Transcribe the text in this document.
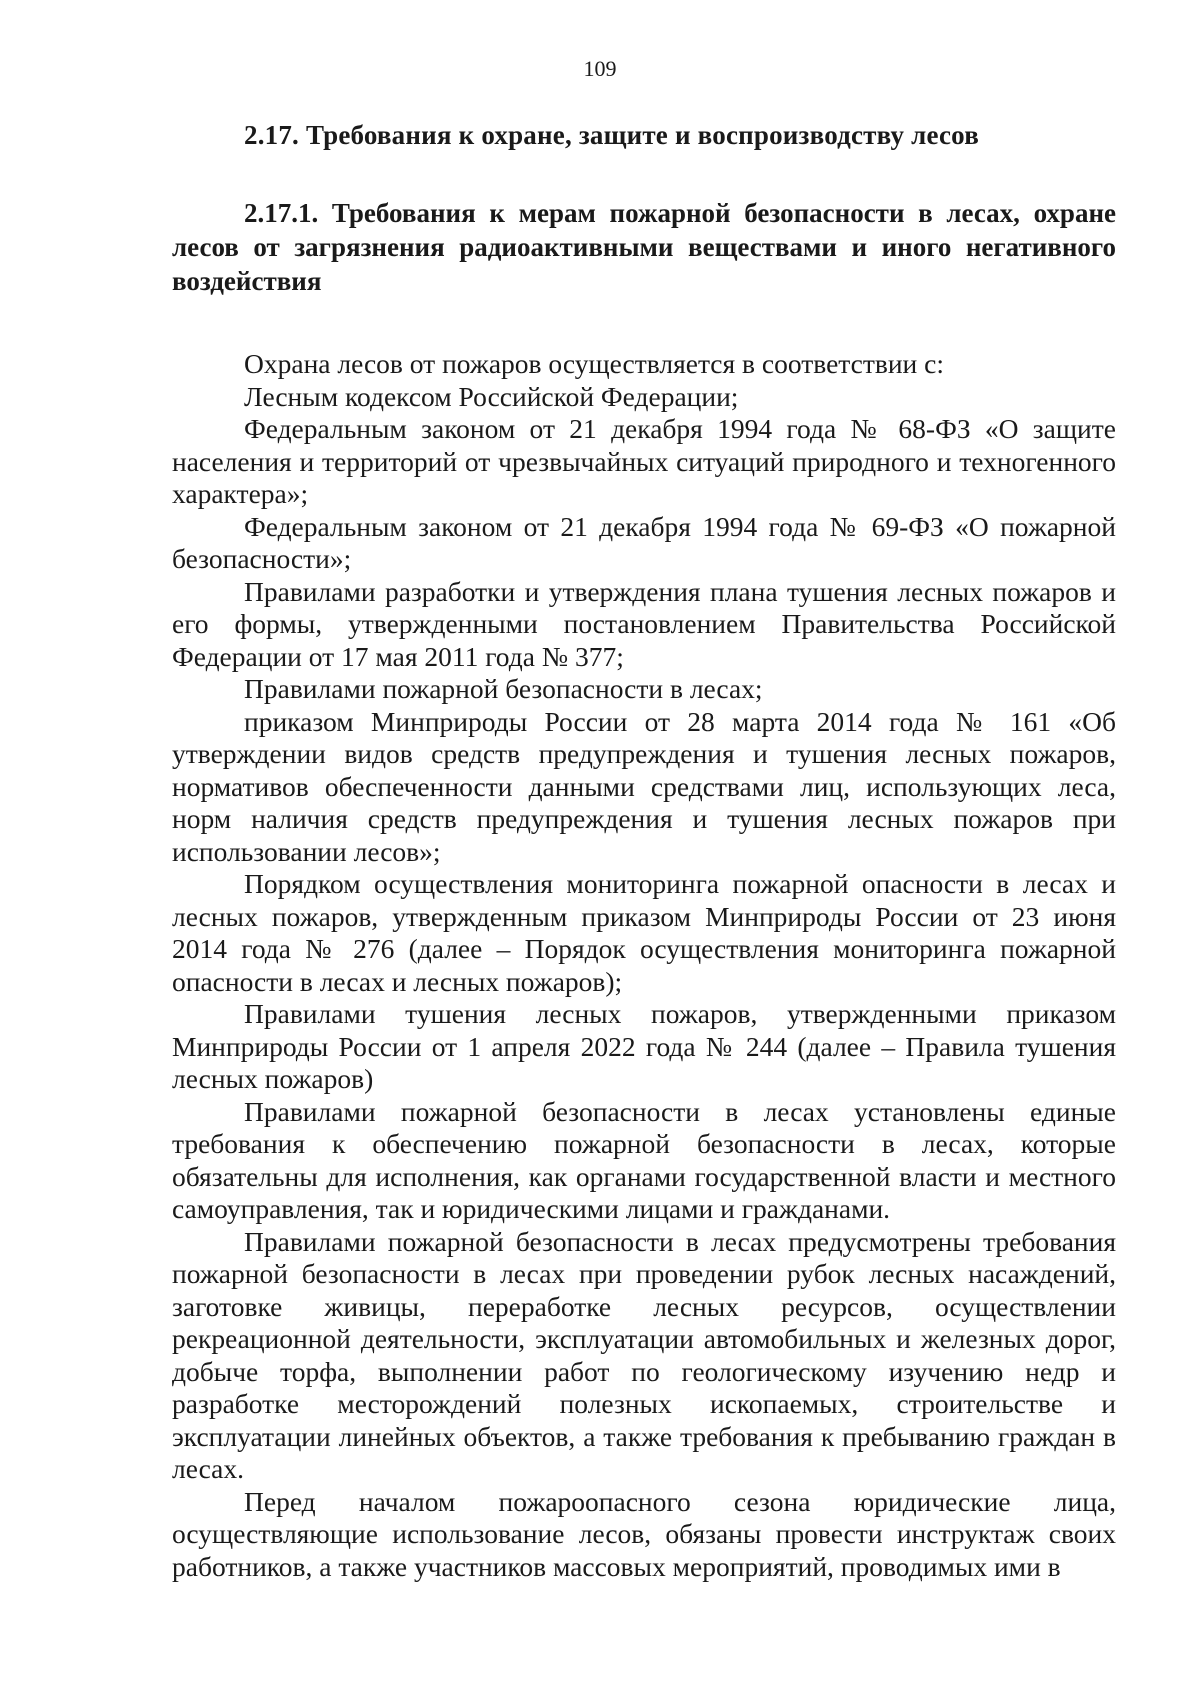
109
2.17. Требования к охране, защите и воспроизводству лесов
2.17.1. Требования к мерам пожарной безопасности в лесах, охране лесов от загрязнения радиоактивными веществами и иного негативного воздействия

Охрана лесов от пожаров осуществляется в соответствии с:

Лесным кодексом Российской Федерации;

Федеральным законом от 21 декабря 1994 года № 68-ФЗ «О защите населения и территорий от чрезвычайных ситуаций природного и техногенного характера»;

Федеральным законом от 21 декабря 1994 года № 69-ФЗ «О пожарной безопасности»;

Правилами разработки и утверждения плана тушения лесных пожаров и его формы, утвержденными постановлением Правительства Российской Федерации от 17 мая 2011 года № 377;

Правилами пожарной безопасности в лесах;

приказом Минприроды России от 28 марта 2014 года № 161 «Об утверждении видов средств предупреждения и тушения лесных пожаров, нормативов обеспеченности данными средствами лиц, использующих леса, норм наличия средств предупреждения и тушения лесных пожаров при использовании лесов»;

Порядком осуществления мониторинга пожарной опасности в лесах и лесных пожаров, утвержденным приказом Минприроды России от 23 июня 2014 года № 276 (далее – Порядок осуществления мониторинга пожарной опасности в лесах и лесных пожаров);

Правилами тушения лесных пожаров, утвержденными приказом Минприроды России от 1 апреля 2022 года № 244 (далее – Правила тушения лесных пожаров)

Правилами пожарной безопасности в лесах установлены единые требования к обеспечению пожарной безопасности в лесах, которые обязательны для исполнения, как органами государственной власти и местного самоуправления, так и юридическими лицами и гражданами.

Правилами пожарной безопасности в лесах предусмотрены требования пожарной безопасности в лесах при проведении рубок лесных насаждений, заготовке живицы, переработке лесных ресурсов, осуществлении рекреационной деятельности, эксплуатации автомобильных и железных дорог, добыче торфа, выполнении работ по геологическому изучению недр и разработке месторождений полезных ископаемых, строительстве и эксплуатации линейных объектов, а также требования к пребыванию граждан в лесах.

Перед началом пожароопасного сезона юридические лица, осуществляющие использование лесов, обязаны провести инструктаж своих работников, а также участников массовых мероприятий, проводимых ими в
